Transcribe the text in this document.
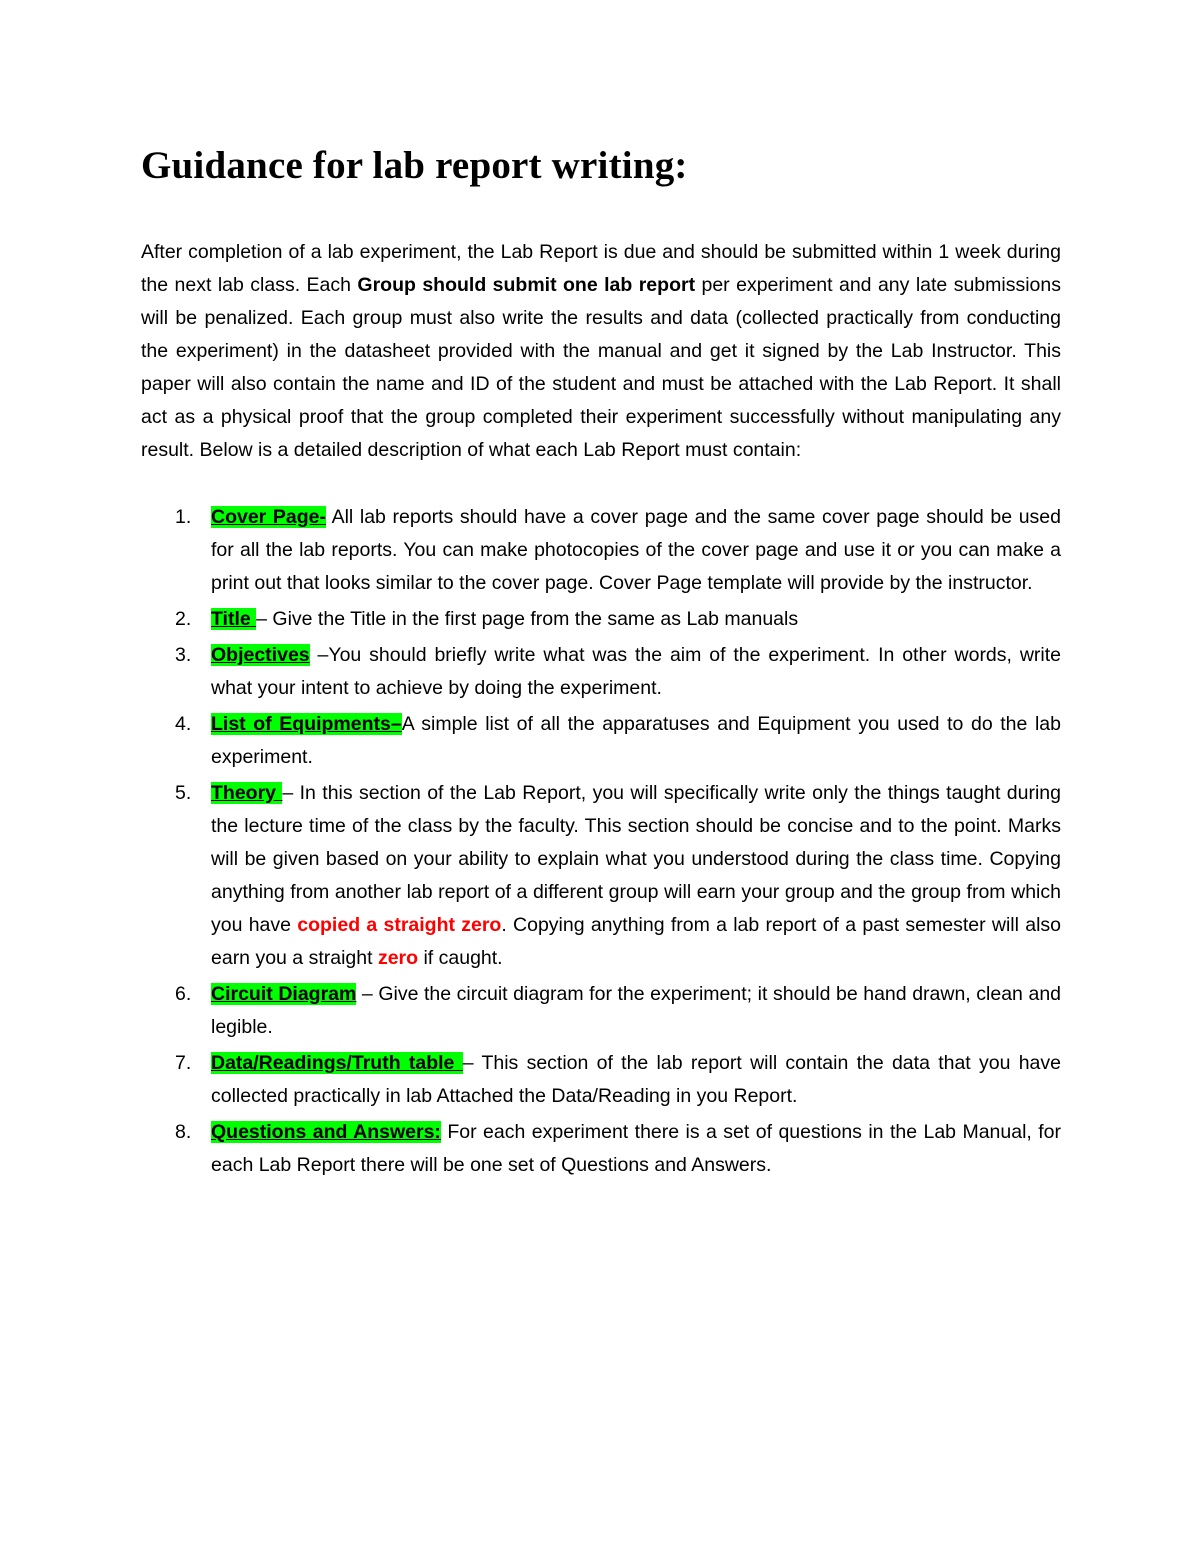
Guidance for lab report writing:

After completion of a lab experiment, the Lab Report is due and should be submitted within 1 week during the next lab class. Each Group should submit one lab report per experiment and any late submissions will be penalized. Each group must also write the results and data (collected practically from conducting the experiment) in the datasheet provided with the manual and get it signed by the Lab Instructor. This paper will also contain the name and ID of the student and must be attached with the Lab Report. It shall act as a physical proof that the group completed their experiment successfully without manipulating any result. Below is a detailed description of what each Lab Report must contain:

1. Cover Page- All lab reports should have a cover page and the same cover page should be used for all the lab reports. You can make photocopies of the cover page and use it or you can make a print out that looks similar to the cover page. Cover Page template will provide by the instructor.
2. Title – Give the Title in the first page from the same as Lab manuals
3. Objectives –You should briefly write what was the aim of the experiment. In other words, write what your intent to achieve by doing the experiment.
4. List of Equipments–A simple list of all the apparatuses and Equipment you used to do the lab experiment.
5. Theory – In this section of the Lab Report, you will specifically write only the things taught during the lecture time of the class by the faculty. This section should be concise and to the point. Marks will be given based on your ability to explain what you understood during the class time. Copying anything from another lab report of a different group will earn your group and the group from which you have copied a straight zero. Copying anything from a lab report of a past semester will also earn you a straight zero if caught.
6. Circuit Diagram – Give the circuit diagram for the experiment; it should be hand drawn, clean and legible.
7. Data/Readings/Truth table – This section of the lab report will contain the data that you have collected practically in lab Attached the Data/Reading in you Report.
8. Questions and Answers: For each experiment there is a set of questions in the Lab Manual, for each Lab Report there will be one set of Questions and Answers.
